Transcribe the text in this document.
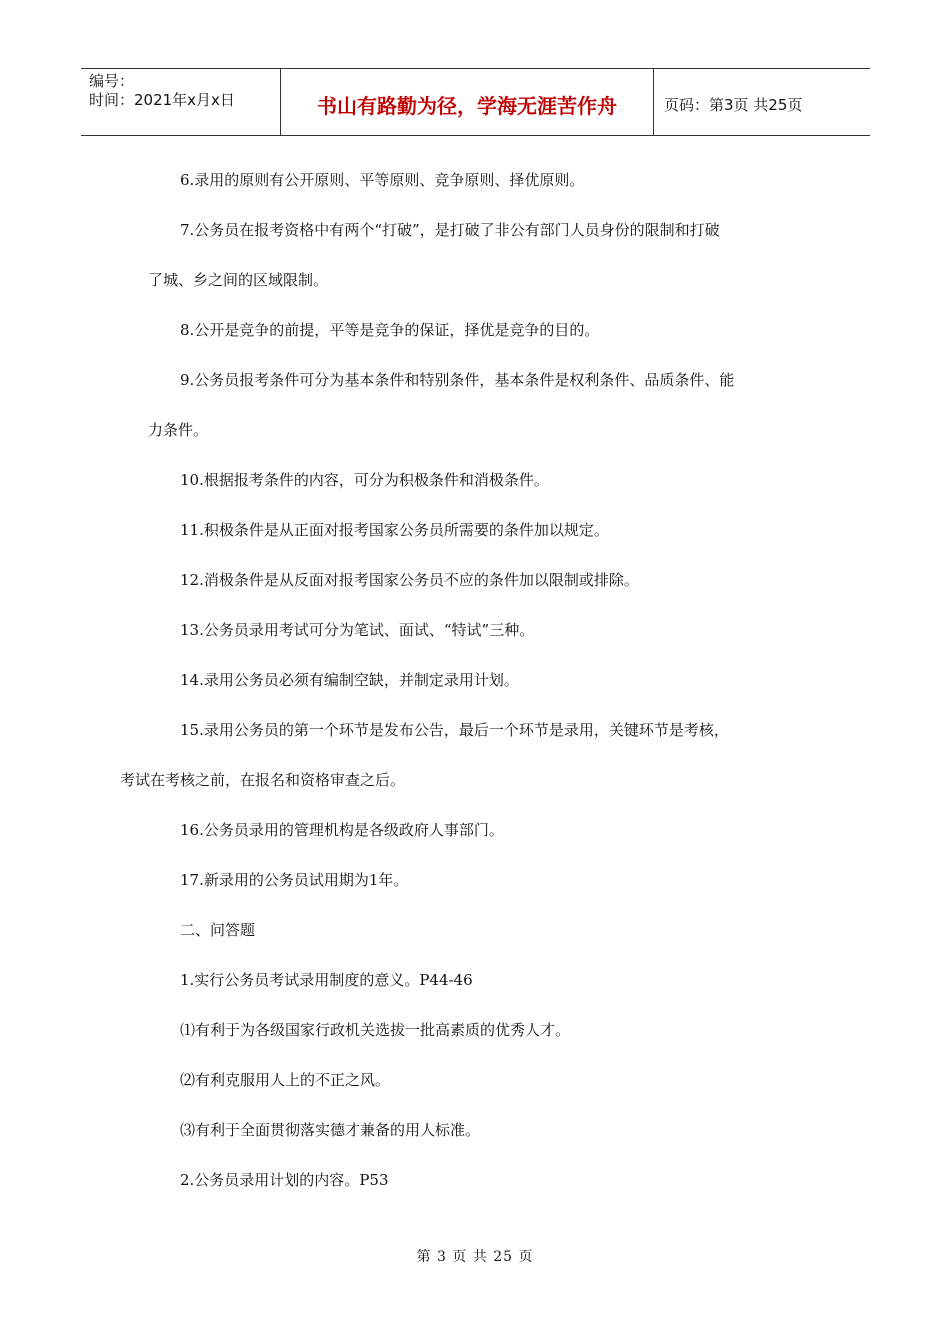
编号：
时间：2021年x月x日	书山有路勤为径，学海无涯苦作舟	页码：第3页 共25页
6.录用的原则有公开原则、平等原则、竞争原则、择优原则。
7.公务员在报考资格中有两个“打破”，是打破了非公有部门人员身份的限制和打破
了城、乡之间的区域限制。
8.公开是竞争的前提，平等是竞争的保证，择优是竞争的目的。
9.公务员报考条件可分为基本条件和特别条件，基本条件是权利条件、品质条件、能
力条件。
10.根据报考条件的内容，可分为积极条件和消极条件。
11.积极条件是从正面对报考国家公务员所需要的条件加以规定。
12.消极条件是从反面对报考国家公务员不应的条件加以限制或排除。
13.公务员录用考试可分为笔试、面试、“特试”三种。
14.录用公务员必须有编制空缺，并制定录用计划。
15.录用公务员的第一个环节是发布公告，最后一个环节是录用，关键环节是考核，
考试在考核之前，在报名和资格审查之后。
16.公务员录用的管理机构是各级政府人事部门。
17.新录用的公务员试用期为1年。
二、问答题
1.实行公务员考试录用制度的意义。P44-46
⑴有利于为各级国家行政机关选拔一批高素质的优秀人才。
⑵有利克服用人上的不正之风。
⑶有利于全面贯彻落实德才兼备的用人标准。
2.公务员录用计划的内容。P53
第 3 页 共 25 页
